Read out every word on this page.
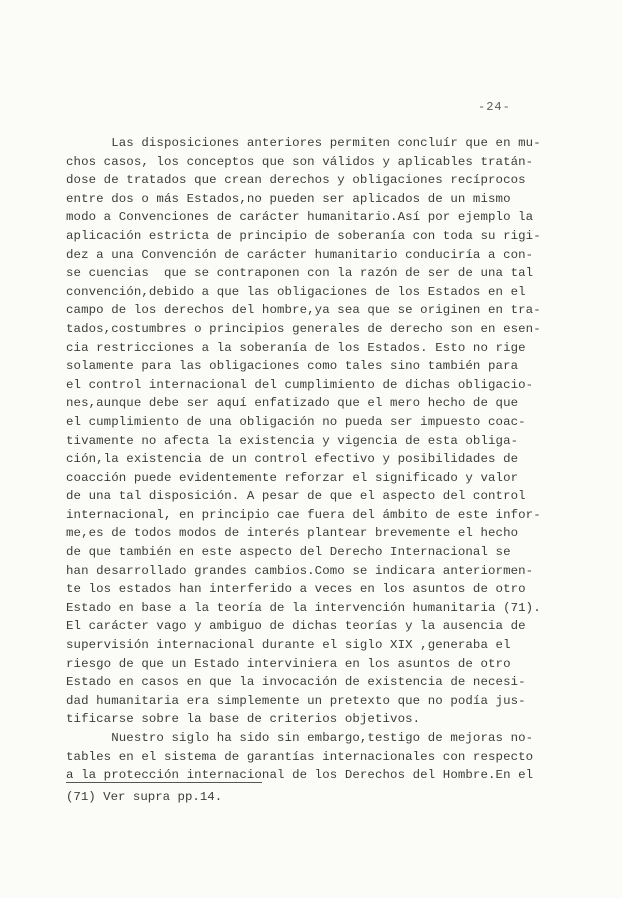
-24-
Las disposiciones anteriores permiten concluír que en mu-
chos casos, los conceptos que son válidos y aplicables tratán-
dose de tratados que crean derechos y obligaciones recíprocos
entre dos o más Estados,no pueden ser aplicados de un mismo
modo a Convenciones de carácter humanitario.Así por ejemplo la
aplicación estricta de principio de soberanía con toda su rigi-
dez a una Convención de carácter humanitario conduciría a con-
se cuencias  que se contraponen con la razón de ser de una tal
convención,debido a que las obligaciones de los Estados en el
campo de los derechos del hombre,ya sea que se originen en tra-
tados,costumbres o principios generales de derecho son en esen-
cia restricciones a la soberanía de los Estados. Esto no rige
solamente para las obligaciones como tales sino también para
el control internacional del cumplimiento de dichas obligacio-
nes,aunque debe ser aquí enfatizado que el mero hecho de que
el cumplimiento de una obligación no pueda ser impuesto coac-
tivamente no afecta la existencia y vigencia de esta obliga-
ción,la existencia de un control efectivo y posibilidades de
coacción puede evidentemente reforzar el significado y valor
de una tal disposición. A pesar de que el aspecto del control
internacional, en principio cae fuera del ámbito de este infor-
me,es de todos modos de interés plantear brevemente el hecho
de que también en este aspecto del Derecho Internacional se
han desarrollado grandes cambios.Como se indicara anteriormen-
te los estados han interferido a veces en los asuntos de otro
Estado en base a la teoría de la intervención humanitaria (71).
El carácter vago y ambiguo de dichas teorías y la ausencia de
supervisión internacional durante el siglo XIX ,generaba el
riesgo de que un Estado interviniera en los asuntos de otro
Estado en casos en que la invocación de existencia de necesi-
dad humanitaria era simplemente un pretexto que no podía jus-
tificarse sobre la base de criterios objetivos.
Nuestro siglo ha sido sin embargo,testigo de mejoras no-
tables en el sistema de garantías internacionales con respecto
a la protección internacional de los Derechos del Hombre.En el
(71) Ver supra pp.14.
